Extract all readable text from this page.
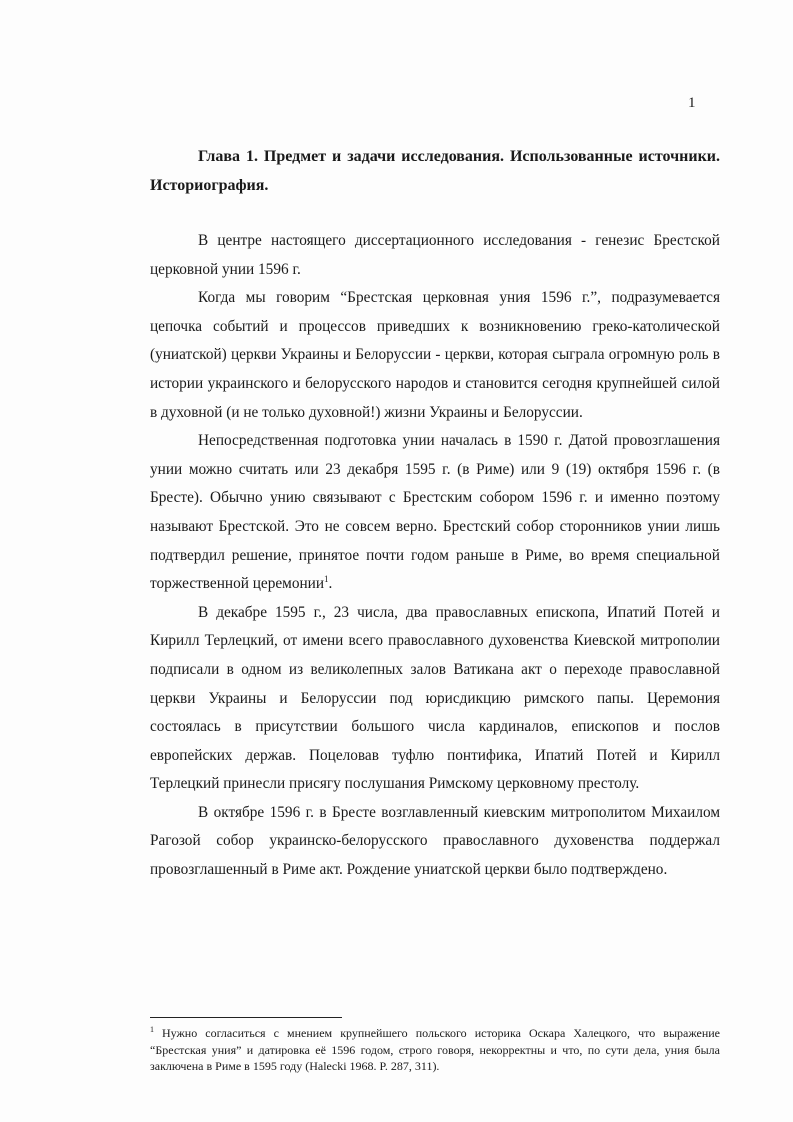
1
Глава 1. Предмет и задачи исследования. Использованные источники. Историография.

В центре настоящего диссертационного исследования - генезис Брестской церковной унии 1596 г.

Когда мы говорим “Брестская церковная уния 1596 г.”, подразумевается цепочка событий и процессов приведших к возникновению греко-католической (униатской) церкви Украины и Белоруссии - церкви, которая сыграла огромную роль в истории украинского и белорусского народов и становится сегодня крупнейшей силой в духовной (и не только духовной!) жизни Украины и Белоруссии.

Непосредственная подготовка унии началась в 1590 г. Датой провозглашения унии можно считать или 23 декабря 1595 г. (в Риме) или 9 (19) октября 1596 г. (в Бресте). Обычно унию связывают с Брестским собором 1596 г. и именно поэтому называют Брестской. Это не совсем верно. Брестский собор сторонников унии лишь подтвердил решение, принятое почти годом раньше в Риме, во время специальной торжественной церемонии$^1$.

В декабре 1595 г., 23 числа, два православных епископа, Ипатий Потей и Кирилл Терлецкий, от имени всего православного духовенства Киевской митрополии подписали в одном из великолепных залов Ватикана акт о переходе православной церкви Украины и Белоруссии под юрисдикцию римского папы. Церемония состоялась в присутствии большого числа кардиналов, епископов и послов европейских держав. Поцеловав туфлю понтифика, Ипатий Потей и Кирилл Терлецкий принесли присягу послушания Римскому церковному престолу.

В октябре 1596 г. в Бресте возглавленный киевским митрополитом Михаилом Рагозой собор украинско-белорусского православного духовенства поддержал провозглашенный в Риме акт. Рождение униатской церкви было подтверждено.

$^1$ Нужно согласиться с мнением крупнейшего польского историка Оскара Халецкого, что выражение “Брестская уния” и датировка её 1596 годом, строго говоря, некорректны и что, по сути дела, уния была заключена в Риме в 1595 году (Halecki 1968. P. 287, 311).
